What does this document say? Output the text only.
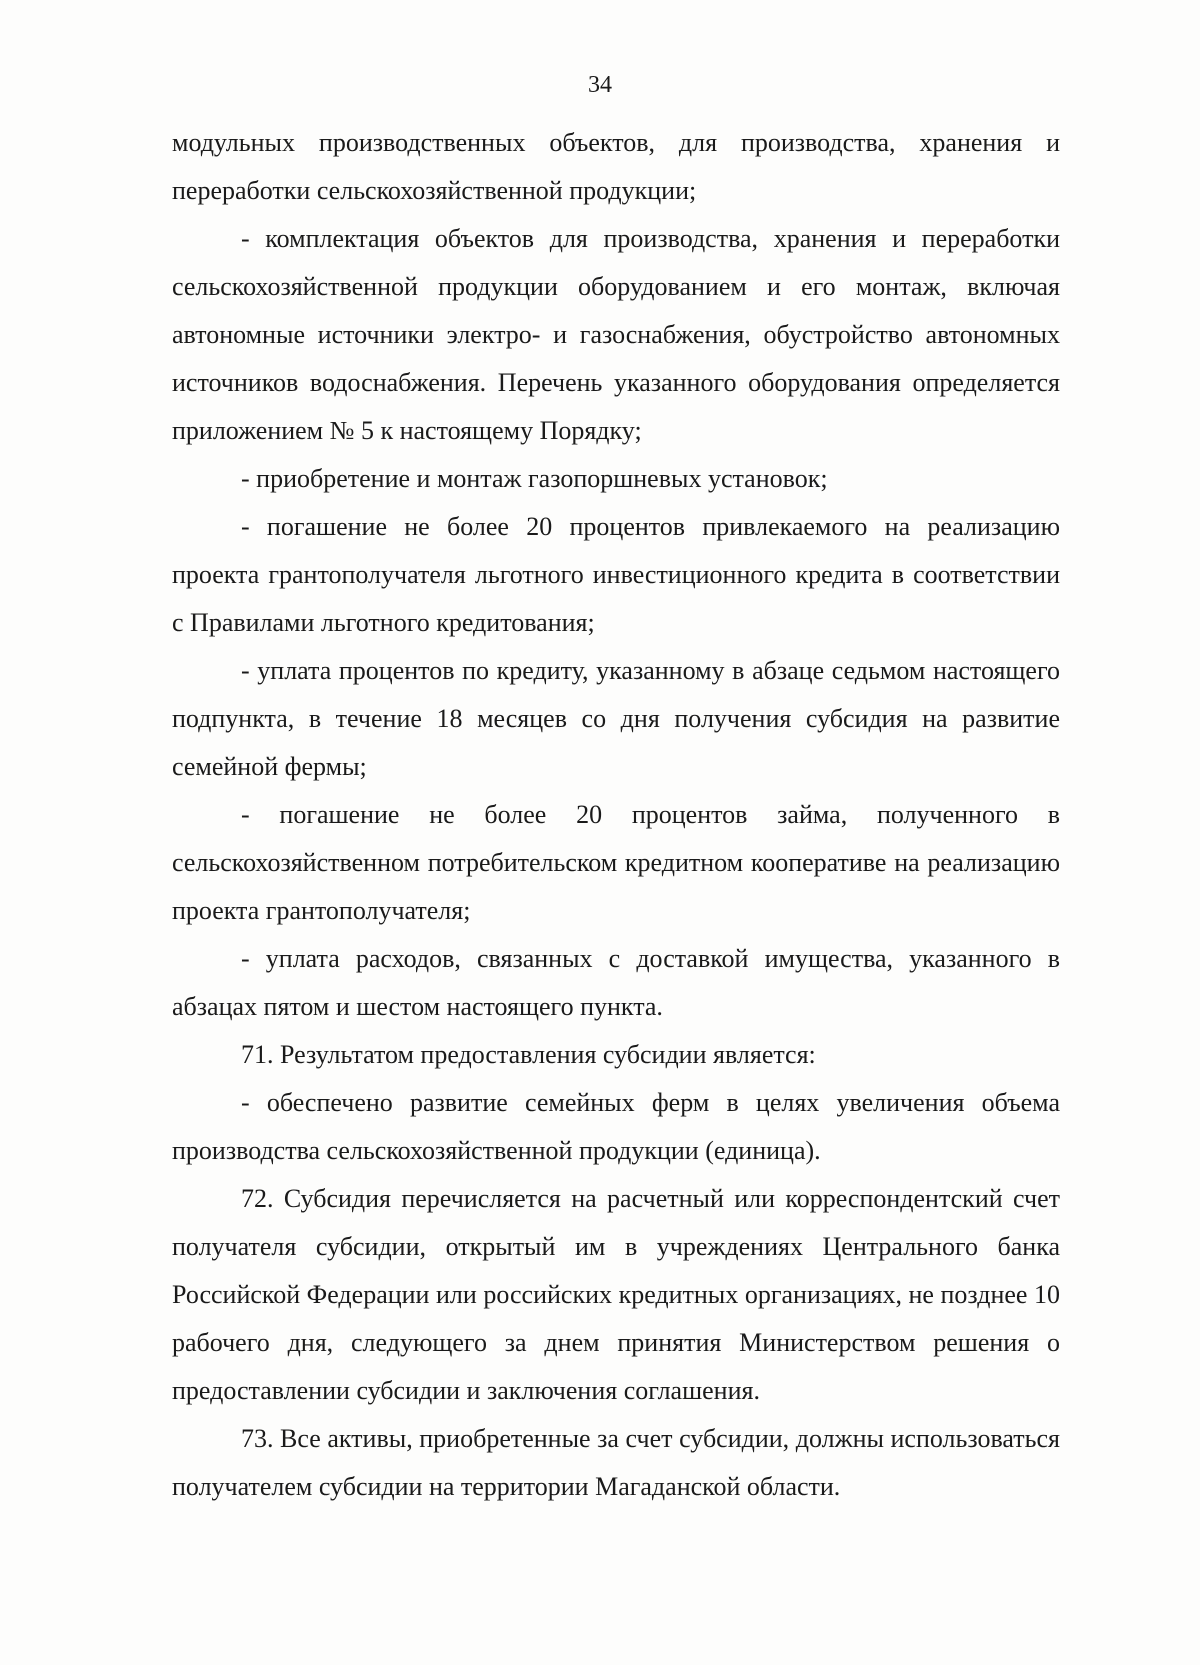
34

модульных производственных объектов, для производства, хранения и переработки сельскохозяйственной продукции;

- комплектация объектов для производства, хранения и переработки сельскохозяйственной продукции оборудованием и его монтаж, включая автономные источники электро- и газоснабжения, обустройство автономных источников водоснабжения. Перечень указанного оборудования определяется приложением № 5 к настоящему Порядку;

- приобретение и монтаж газопоршневых установок;

- погашение не более 20 процентов привлекаемого на реализацию проекта грантополучателя льготного инвестиционного кредита в соответствии с Правилами льготного кредитования;

- уплата процентов по кредиту, указанному в абзаце седьмом настоящего подпункта, в течение 18 месяцев со дня получения субсидия на развитие семейной фермы;

- погашение не более 20 процентов займа, полученного в сельскохозяйственном потребительском кредитном кооперативе на реализацию проекта грантополучателя;

- уплата расходов, связанных с доставкой имущества, указанного в абзацах пятом и шестом настоящего пункта.

71. Результатом предоставления субсидии является:

- обеспечено развитие семейных ферм в целях увеличения объема производства сельскохозяйственной продукции (единица).

72. Субсидия перечисляется на расчетный или корреспондентский счет получателя субсидии, открытый им в учреждениях Центрального банка Российской Федерации или российских кредитных организациях, не позднее 10 рабочего дня, следующего за днем принятия Министерством решения о предоставлении субсидии и заключения соглашения.

73. Все активы, приобретенные за счет субсидии, должны использоваться получателем субсидии на территории Магаданской области.
